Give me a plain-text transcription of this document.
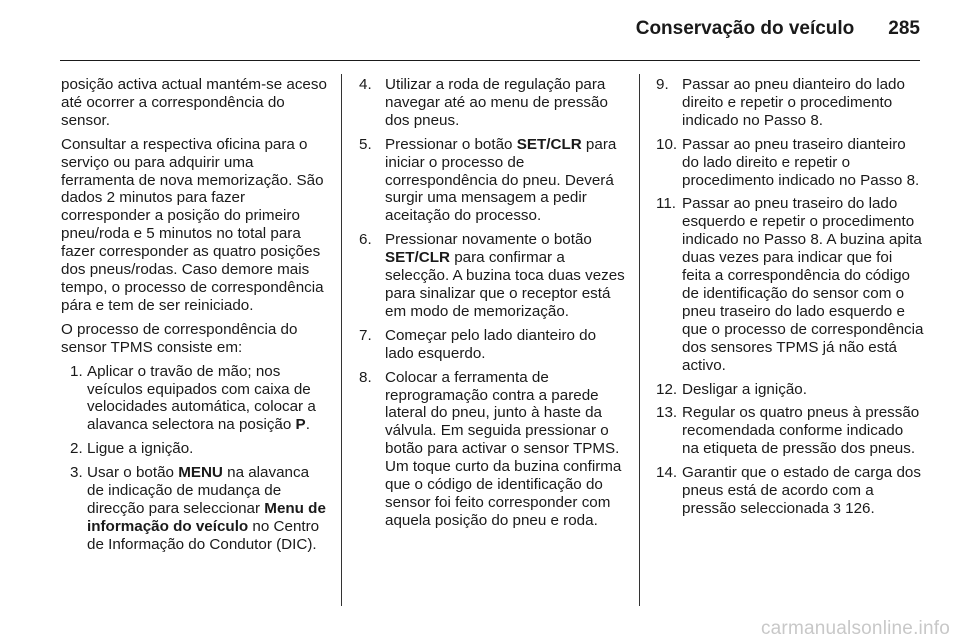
Conservação do veículo 285

posição activa actual mantém-se aceso até ocorrer a correspondência do sensor.

Consultar a respectiva oficina para o serviço ou para adquirir uma ferramenta de nova memorização. São dados 2 minutos para fazer corresponder a posição do primeiro pneu/roda e 5 minutos no total para fazer corresponder as quatro posições dos pneus/rodas. Caso demore mais tempo, o processo de correspondência pára e tem de ser reiniciado.

O processo de correspondência do sensor TPMS consiste em:

1. Aplicar o travão de mão; nos veículos equipados com caixa de velocidades automática, colocar a alavanca selectora na posição P.
2. Ligue a ignição.
3. Usar o botão MENU na alavanca de indicação de mudança de direcção para seleccionar Menu de informação do veículo no Centro de Informação do Condutor (DIC).
4. Utilizar a roda de regulação para navegar até ao menu de pressão dos pneus.
5. Pressionar o botão SET/CLR para iniciar o processo de correspondência do pneu. Deverá surgir uma mensagem a pedir aceitação do processo.
6. Pressionar novamente o botão SET/CLR para confirmar a selecção. A buzina toca duas vezes para sinalizar que o receptor está em modo de memorização.
7. Começar pelo lado dianteiro do lado esquerdo.
8. Colocar a ferramenta de reprogramação contra a parede lateral do pneu, junto à haste da válvula. Em seguida pressionar o botão para activar o sensor TPMS. Um toque curto da buzina confirma que o código de identificação do sensor foi feito corresponder com aquela posição do pneu e roda.
9. Passar ao pneu dianteiro do lado direito e repetir o procedimento indicado no Passo 8.
10. Passar ao pneu traseiro dianteiro do lado direito e repetir o procedimento indicado no Passo 8.
11. Passar ao pneu traseiro do lado esquerdo e repetir o procedimento indicado no Passo 8. A buzina apita duas vezes para indicar que foi feita a correspondência do código de identificação do sensor com o pneu traseiro do lado esquerdo e que o processo de correspondência dos sensores TPMS já não está activo.
12. Desligar a ignição.
13. Regular os quatro pneus à pressão recomendada conforme indicado na etiqueta de pressão dos pneus.
14. Garantir que o estado de carga dos pneus está de acordo com a pressão seleccionada 3 126.
carmanualsonline.info
